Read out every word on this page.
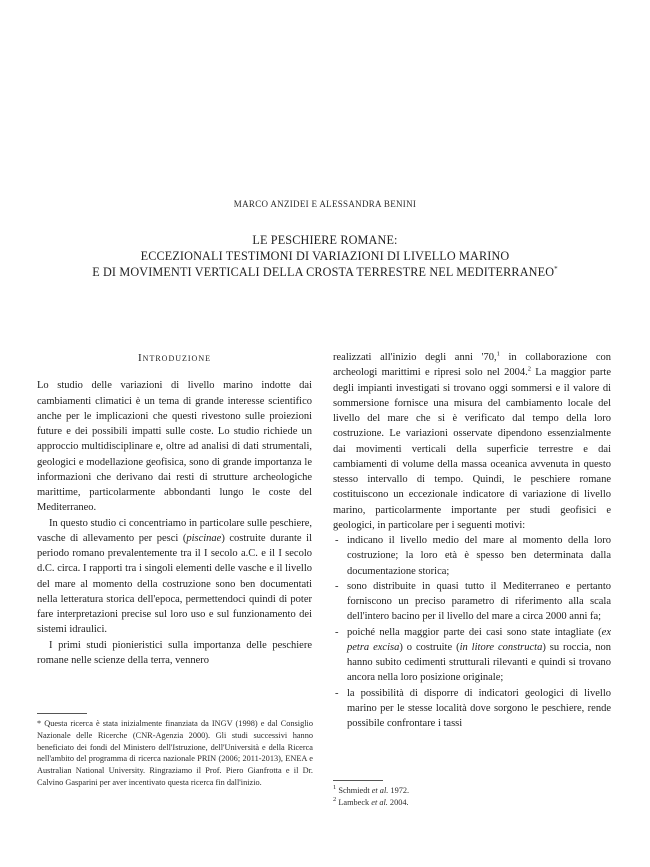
MARCO ANZIDEI E ALESSANDRA BENINI
LE PESCHIERE ROMANE:
ECCEZIONALI TESTIMONI DI VARIAZIONI DI LIVELLO MARINO
E DI MOVIMENTI VERTICALI DELLA CROSTA TERRESTRE NEL MEDITERRANEO*
Introduzione

Lo studio delle variazioni di livello marino indotte dai cambiamenti climatici è un tema di grande interesse scientifico anche per le implicazioni che questi rivestono sulle proiezioni future e dei possibili impatti sulle coste. Lo studio richiede un approccio multidisciplinare e, oltre ad analisi di dati strumentali, geologici e modellazione geofisica, sono di grande importanza le informazioni che derivano dai resti di strutture archeologiche marittime, particolarmente abbondanti lungo le coste del Mediterraneo.

In questo studio ci concentriamo in particolare sulle peschiere, vasche di allevamento per pesci (piscinae) costruite durante il periodo romano prevalentemente tra il I secolo a.C. e il I secolo d.C. circa. I rapporti tra i singoli elementi delle vasche e il livello del mare al momento della costruzione sono ben documentati nella letteratura storica dell'epoca, permettendoci quindi di poter fare interpretazioni precise sul loro uso e sul funzionamento dei sistemi idraulici.

I primi studi pionieristici sulla importanza delle peschiere romane nelle scienze della terra, vennero

realizzati all'inizio degli anni '70,$^1$ in collaborazione con archeologi marittimi e ripresi solo nel 2004.$^2$ La maggior parte degli impianti investigati si trovano oggi sommersi e il valore di sommersione fornisce una misura del cambiamento locale del livello del mare che si è verificato dal tempo della loro costruzione. Le variazioni osservate dipendono essenzialmente dai movimenti verticali della superficie terrestre e dai cambiamenti di volume della massa oceanica avvenuta in questo stesso intervallo di tempo. Quindi, le peschiere romane costituiscono un eccezionale indicatore di variazione di livello marino, particolarmente importante per studi geofisici e geologici, in particolare per i seguenti motivi:

- indicano il livello medio del mare al momento della loro costruzione; la loro età è spesso ben determinata dalla documentazione storica;
- sono distribuite in quasi tutto il Mediterraneo e pertanto forniscono un preciso parametro di riferimento alla scala dell'intero bacino per il livello del mare a circa 2000 anni fa;
- poiché nella maggior parte dei casi sono state intagliate (ex petra excisa) o costruite (in litore constructa) su roccia, non hanno subito cedimenti strutturali rilevanti e quindi si trovano ancora nella loro posizione originale;
- la possibilità di disporre di indicatori geologici di livello marino per le stesse località dove sorgono le peschiere, rende possibile confrontare i tassi
* Questa ricerca è stata inizialmente finanziata da INGV (1998) e dal Consiglio Nazionale delle Ricerche (CNR-Agenzia 2000). Gli studi successivi hanno beneficiato dei fondi del Ministero dell'Istruzione, dell'Università e della Ricerca nell'ambito del programma di ricerca nazionale PRIN (2006; 2011-2013), ENEA e Australian National University. Ringraziamo il Prof. Piero Gianfrotta e il Dr. Calvino Gasparini per aver incentivato questa ricerca fin dall'inizio.
$^1$ Schmiedt et al. 1972.
$^2$ Lambeck et al. 2004.
